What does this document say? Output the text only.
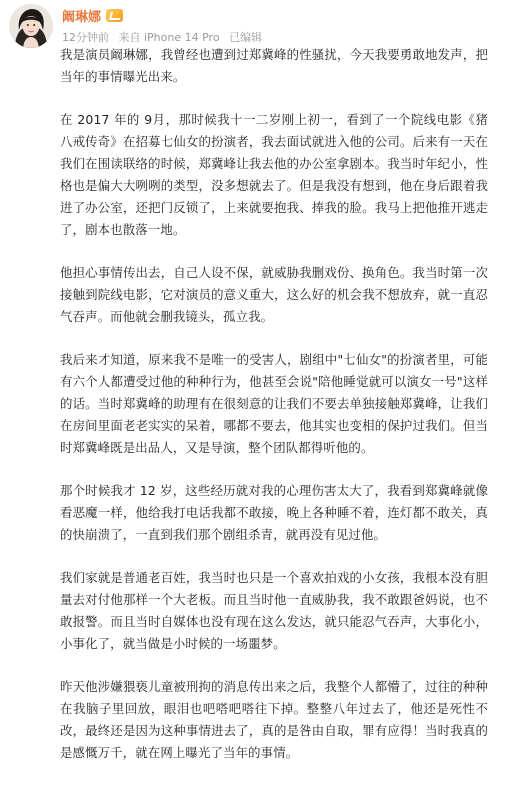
阚琳娜
12分钟前 来自 iPhone 14 Pro 已编辑

我是演员阚琳娜，我曾经也遭到过郑冀峰的性骚扰，今天我要勇敢地发声，把当年的事情曝光出来。

在 2017 年的 9月，那时候我十一二岁刚上初一，看到了一个院线电影《猪八戒传奇》在招募七仙女的扮演者，我去面试就进入他的公司。后来有一天在我们在围读联络的时候，郑冀峰让我去他的办公室拿剧本。我当时年纪小，性格也是偏大大咧咧的类型，没多想就去了。但是我没有想到，他在身后跟着我进了办公室，还把门反锁了，上来就要抱我、捧我的脸。我马上把他推开逃走了，剧本也散落一地。

他担心事情传出去，自己人设不保，就威胁我删戏份、换角色。我当时第一次接触到院线电影，它对演员的意义重大，这么好的机会我不想放弃，就一直忍气吞声。而他就会删我镜头，孤立我。

我后来才知道，原来我不是唯一的受害人，剧组中"七仙女"的扮演者里，可能有六个人都遭受过他的种种行为，他甚至会说"陪他睡觉就可以演女一号"这样的话。当时郑冀峰的助理有在很刻意的让我们不要去单独接触郑冀峰，让我们在房间里面老老实实的呆着，哪都不要去，他其实也变相的保护过我们。但当时郑冀峰既是出品人，又是导演，整个团队都得听他的。

那个时候我才 12 岁，这些经历就对我的心理伤害太大了，我看到郑冀峰就像看恶魔一样，他给我打电话我都不敢接，晚上各种睡不着，连灯都不敢关，真的快崩溃了，一直到我们那个剧组杀青，就再没有见过他。

我们家就是普通老百姓，我当时也只是一个喜欢拍戏的小女孩，我根本没有胆量去对付他那样一个大老板。而且当时他一直威胁我，我不敢跟爸妈说，也不敢报警。而且当时自媒体也没有现在这么发达，就只能忍气吞声，大事化小，小事化了，就当做是小时候的一场噩梦。

昨天他涉嫌猥亵儿童被刑拘的消息传出来之后，我整个人都懵了，过往的种种在我脑子里回放，眼泪也吧嗒吧嗒往下掉。整整八年过去了，他还是死性不改，最终还是因为这种事情进去了，真的是咎由自取，罪有应得！当时我真的是感慨万千，就在网上曝光了当年的事情。
